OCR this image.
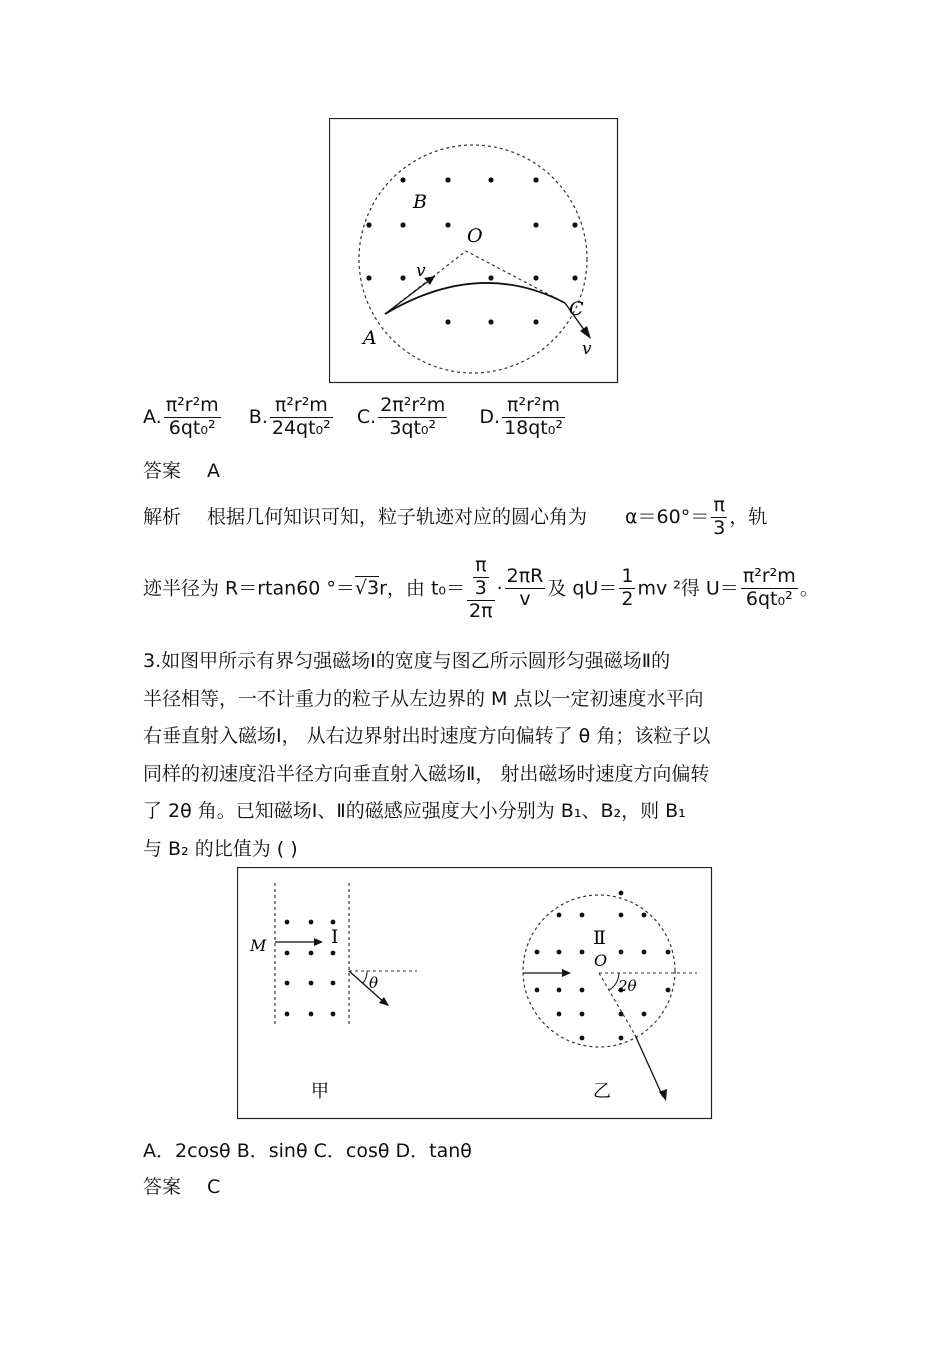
B
O
v
A
C
v
A. $\frac{\text{π²r²m}}{\text{6qt₀²}} B$. $\frac{\text{π²r²m}}{\text{24qt₀²}} C$. $\frac{\text{2π²r²m}}{\text{3qt₀²}} D$. $\frac{\text{π²r²m}}{\text{18qt₀²}}$
答案 A
解析 根据几何知识可知，粒子轨迹对应的圆心角为 $\alpha=60^\circ= \frac{\pi}{3}$ ，轨
迹半径为 R＝rtan60 °＝√3r，由 $t_0= \frac{\frac{\pi}{3}}{2\pi} \cdot \frac{2\pi R}{v}$ 及 $qU= \frac{1}{2}$ mv ²得 $U= \frac{\text{π²r²m}}{\text{6qt₀²}}$ 。
3.如图甲所示有界匀强磁场Ⅰ的宽度与图乙所示圆形匀强磁场Ⅱ的
半径相等，一不计重力的粒子从左边界的 M 点以一定初速度水平向
右垂直射入磁场Ⅰ， 从右边界射出时速度方向偏转了 θ 角；该粒子以
同样的初速度沿半径方向垂直射入磁场Ⅱ， 射出磁场时速度方向偏转
了 2θ 角。已知磁场Ⅰ、Ⅱ的磁感应强度大小分别为 B₁、B₂，则 B₁
与 B₂ 的比值为 ( )
M	Ⅰ
θ
甲
Ⅱ
O
2θ
乙
A．2cosθ B．sinθ C．cosθ D．tanθ
答案 C
